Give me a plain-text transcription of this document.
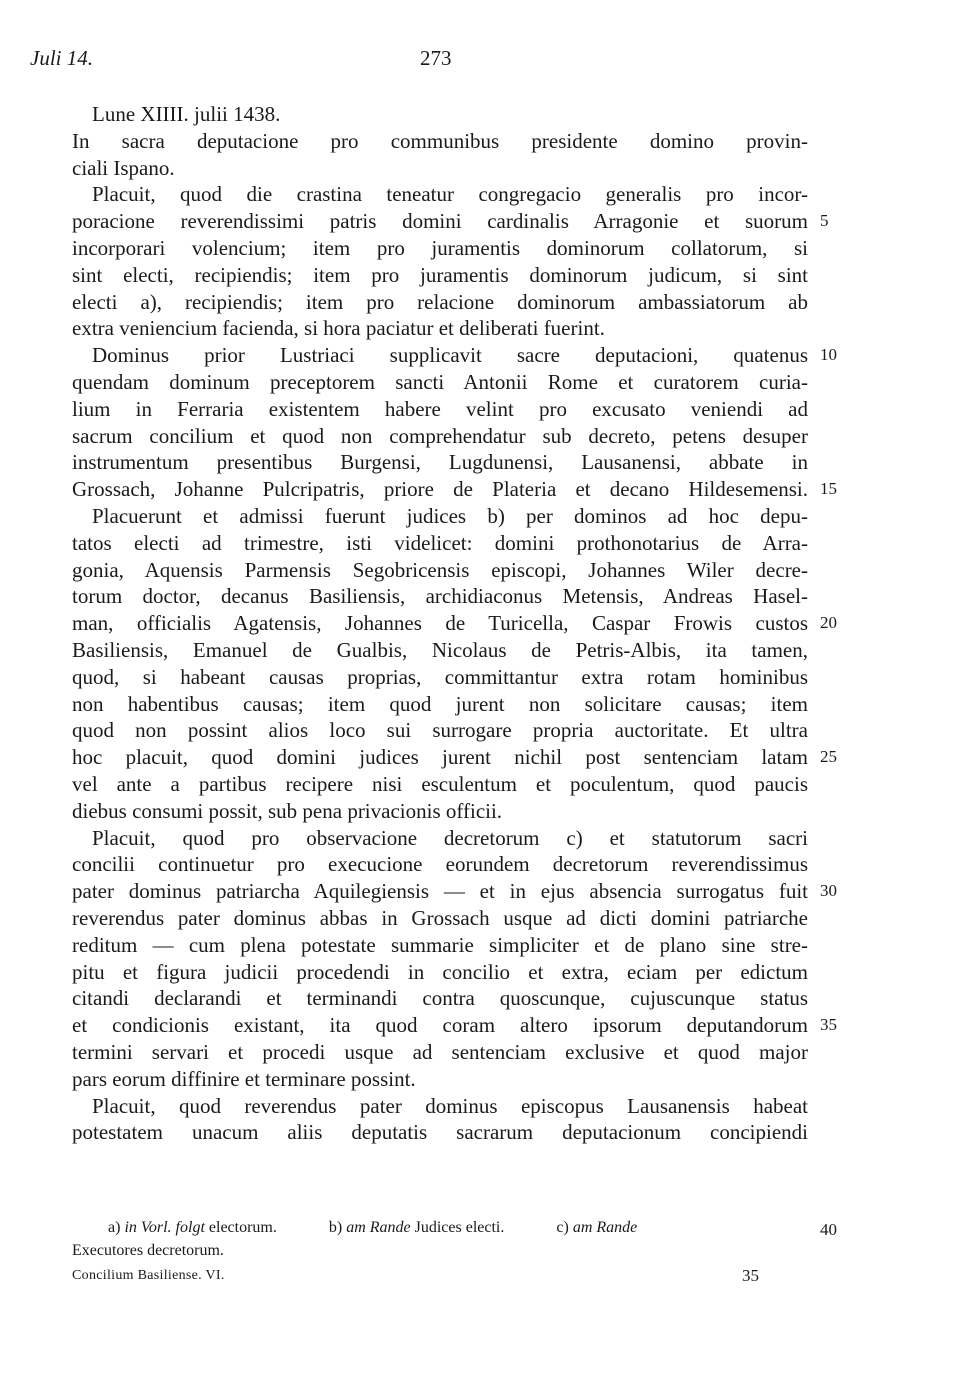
Juli 14.	273
Lune XIIII. julii 1438.
In sacra deputacione pro communibus presidente domino provin-
ciali Ispano.
Placuit, quod die crastina teneatur congregacio generalis pro incor-
poracione reverendissimi patris domini cardinalis Arragonie et suorum
incorporari volencium; item pro juramentis dominorum collatorum, si
sint electi, recipiendis; item pro juramentis dominorum judicum, si sint
electi a), recipiendis; item pro relacione dominorum ambassiatorum ab
extra veniencium facienda, si hora paciatur et deliberati fuerint.
Dominus prior Lustriaci supplicavit sacre deputacioni, quatenus
quendam dominum preceptorem sancti Antonii Rome et curatorem curia-
lium in Ferraria existentem habere velint pro excusato veniendi ad
sacrum concilium et quod non comprehendatur sub decreto, petens desuper
instrumentum presentibus Burgensi, Lugdunensi, Lausanensi, abbate in
Grossach, Johanne Pulcripatris, priore de Plateria et decano Hildesemensi.
Placuerunt et admissi fuerunt judices b) per dominos ad hoc depu-
tatos electi ad trimestre, isti videlicet: domini prothonotarius de Arra-
gonia, Aquensis Parmensis Segobricensis episcopi, Johannes Wiler decre-
torum doctor, decanus Basiliensis, archidiaconus Metensis, Andreas Hasel-
man, officialis Agatensis, Johannes de Turicella, Caspar Frowis custos
Basiliensis, Emanuel de Gualbis, Nicolaus de Petris-Albis, ita tamen,
quod, si habeant causas proprias, committantur extra rotam hominibus
non habentibus causas; item quod jurent non solicitare causas; item
quod non possint alios loco sui surrogare propria auctoritate. Et ultra
hoc placuit, quod domini judices jurent nichil post sentenciam latam
vel ante a partibus recipere nisi esculentum et poculentum, quod paucis
diebus consumi possit, sub pena privacionis officii.
Placuit, quod pro observacione decretorum c) et statutorum sacri
concilii continuetur pro execucione eorundem decretorum reverendissimus
pater dominus patriarcha Aquilegiensis — et in ejus absencia surrogatus fuit
reverendus pater dominus abbas in Grossach usque ad dicti domini patriarche
reditum — cum plena potestate summarie simpliciter et de plano sine stre-
pitu et figura judicii procedendi in concilio et extra, eciam per edictum
citandi declarandi et terminandi contra quoscunque, cujuscunque status
et condicionis existant, ita quod coram altero ipsorum deputandorum
termini servari et procedi usque ad sentenciam exclusive et quod major
pars eorum diffinire et terminare possint.
Placuit, quod reverendus pater dominus episcopus Lausanensis habeat
potestatem unacum aliis deputatis sacrarum deputacionum concipiendi
5
10
15
20
25
30
35
40
a) in Vorl. folgt electorum.	b) am Rande Judices electi.	c) am Rande
Executores decretorum.
Concilium Basiliense. VI.	35
